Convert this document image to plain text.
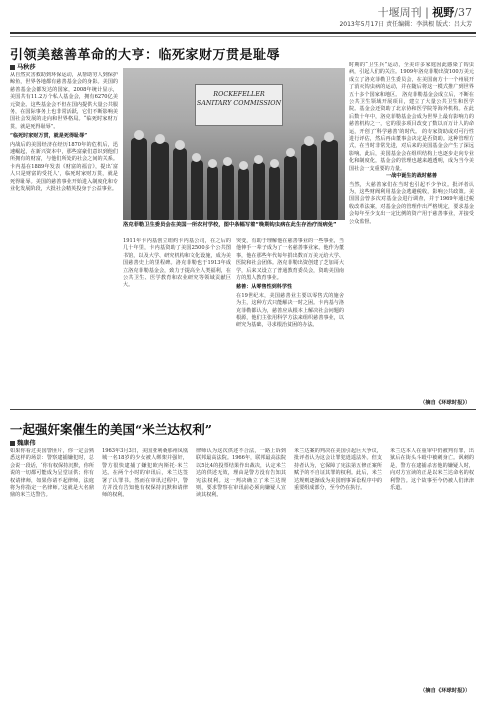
十堰周刊 | 视野/37
2013年5月17日 责任编辑：李洪根 版式：吕大芳
引领美慈善革命的大亨：临死家财万贯是耻辱
马秋莎
从自然灾害救助到环保运动，从帮助穷人到保护鲸鱼，世界各地都有慈善基金会的身影。美国的慈善基金会都发达的国家，2008年统计显示，美国共有11.2万个私人基金会，拥有6270亿美元资金。这些基金会不但在国内提供大量公共服务，在国际事务上也非常活跃，它们不断影响美国社会发展的走向和世界格局。“临死时家财万贯，就是死得耻辱”。
“临死时家财万贯，就是死得耻辱”
内战后的美国经济在经历1870年的危机后，迅速崛起，在新兴资本中，那些富豪们意识到他们所拥有的财富，与他们所处的社会之间的关系。卡内基在1889年发表《财富的福音》，提出‘富人只是财富的受托人’，临死时家财万贯，就是死得耻辱。美国的慈善事业开始进入制度化和专业化发展阶段，大批社会精英投身于公益事业。
ROCKEFELLER SANITARY COMMISSION
洛克菲勒卫生委员会在美国一所农村学校，图中条幅写着“晚期钩虫病在此生存治疗而病免”
1911年卡内基创立纽约卡内基公司，在之后的几十年里，卡内基资助了美国2500多个公共图书馆，以及大学、研究机构和文化设施，成为美国慈善史上的里程碑。洛克菲勒也于1913年成立洛克菲勒基金会，致力于提高全人类福利，在公共卫生、医学教育和农业研究等领域贡献巨大。
突变，有助于理解他在慈善事业的一些事业，当他伸手一辈子成为了一名慈善事业家。他作为董事，他在那些年代每年捐出数百万美元给大学、医院和社会团体。洛克菲勒出资创建了芝加哥大学，后来又设立了普通教育委员会，资助美国南方的黑人教育事业。
慈善：从零售性到科学性
在19世纪末，美国慈善业主要以零售式的施舍为主，这种方式只能解决一时之困。卡内基与洛克菲勒都认为，慈善应从根本上解决社会问题的根源，他们主张用科学方法来组织慈善事业，以研究为基础，寻求根治贫困的办法。
时期的“卫生兵”运动，全美许多家庭因此感染了钩虫病，引起人们的关注。1909年洛克菲勒出资100万美元成立了洛克菲勒卫生委员会，在美国南方十一个州展开了消灭钩虫病的运动，并在随后将这一模式推广到世界五十多个国家和地区。 洛克菲勒基金会成立后，不断在公共卫生领域开展项目，建立了大量公共卫生和医学院。基金会还资助了北京协和医学院等海外机构。在此后数十年中，洛克菲勒基金会成为世界上最有影响力的慈善机构之一，它的很多项目改变了数以百万计人的命运，开创了‘科学慈善’的时代。 的专家资助或对可行性进行评估，然后再由董事会决定是否资助。这种管理方式，在当时非常先进，对后来的美国基金会产生了深远影响。此后，美国基金会在组织结构上也逐步走向专业化和制度化，基金会的管理也越来越透明，成为当今美国社会一支重要的力量。
一战中诞生的战时慈善
当然，大慈善家们在当时也引起不少争议。批评者认为，这些财阀利用基金会逃避税收，影响公共政策。美国国会曾多次对基金会进行调查，并于1969年通过税收改革法案，对基金会的管理作出严格规定，要求基金会每年至少支出一定比例的资产用于慈善事业，并接受公众监督。
（摘自《环球时报》）
一起强奸案催生的美国“米兰达权利”
魏康伟
如果你看过美国警匪片，你一定会熟悉这样的场景：警察逮捕嫌犯时，总会说一段话，‘你有权保持沉默，你所说的一切都可能成为呈堂证供；你有权请律师，如果你请不起律师，法庭将为你指定一名律师。’这就是大名鼎鼎的米兰达警告。
1963年3月3日，美国亚利桑那州凤凰城一名18岁的少女被人绑架并强奸，警方很快逮捕了嫌犯欧内斯托·米兰达。在两个小时的审讯后，米兰达签署了认罪书。然而在审讯过程中，警方并没有告知他有权保持沉默和请律师的权利。
律师认为这次供述不合法，一路上诉到联邦最高法院。1966年，联邦最高法院以5比4的投票结果作出裁决，认定米兰达的供述无效，理由是警方没有告知其宪法权利。这一判决确立了米兰达规则，要求警察在审讯前必须向嫌疑人宣读其权利。
米兰达案的判决在美国引起巨大争议，批评者认为这会让罪犯逍遥法外。但支持者认为，它保障了宪法第五修正案所赋予的不自证其罪的权利。此后，米兰达规则逐渐成为美国刑事诉讼程序中的重要组成部分，至今仍在执行。
米兰达本人在重审中仍被判有罪，出狱后在街头斗殴中被刺身亡。讽刺的是，警方在逮捕杀害他的嫌疑人时，向对方宣读的正是以米兰达命名的权利警告。这个故事至今仍被人们津津乐道。
（摘自《环球时报》）
